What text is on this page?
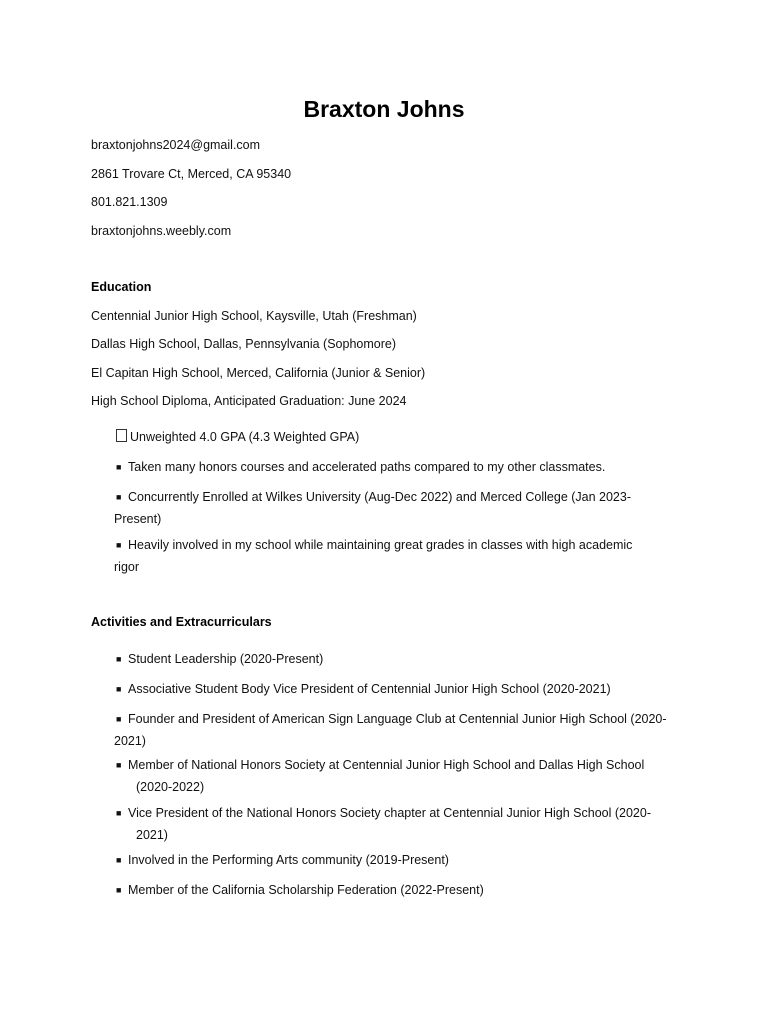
Braxton Johns
braxtonjohns2024@gmail.com
2861 Trovare Ct, Merced, CA 95340
801.821.1309
braxtonjohns.weebly.com
Education
Centennial Junior High School, Kaysville, Utah (Freshman)
Dallas High School, Dallas, Pennsylvania (Sophomore)
El Capitan High School, Merced, California (Junior & Senior)
High School Diploma, Anticipated Graduation: June 2024
Unweighted 4.0 GPA (4.3 Weighted GPA)
■ Taken many honors courses and accelerated paths compared to my other classmates.
■ Concurrently Enrolled at Wilkes University (Aug-Dec 2022) and Merced College (Jan 2023-
Present)
■ Heavily involved in my school while maintaining great grades in classes with high academic
rigor
Activities and Extracurriculars
■ Student Leadership (2020-Present)
■ Associative Student Body Vice President of Centennial Junior High School (2020-2021)
■ Founder and President of American Sign Language Club at Centennial Junior High School (2020-
2021)
■ Member of National Honors Society at Centennial Junior High School and Dallas High School
(2020-2022)
■ Vice President of the National Honors Society chapter at Centennial Junior High School (2020-
2021)
■ Involved in the Performing Arts community (2019-Present)
■ Member of the California Scholarship Federation (2022-Present)
